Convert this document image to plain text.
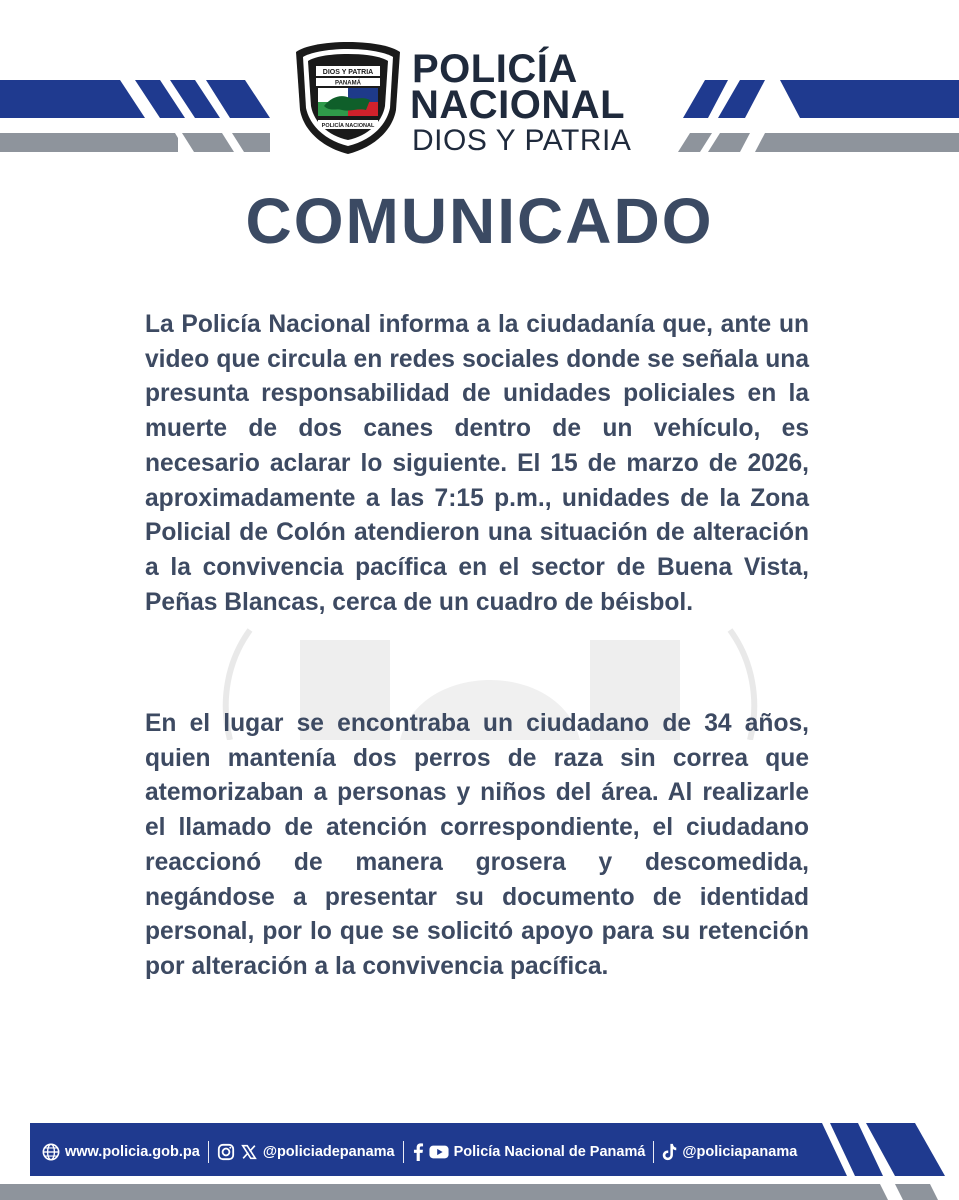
DIOS Y PATRIA
PANAMÁ
POLICÍA NACIONAL
POLICÍA
NACIONAL
DIOS Y PATRIA
COMUNICADO

La Policía Nacional informa a la ciudadanía que, ante un video que circula en redes sociales donde se señala una presunta responsabilidad de unidades policiales en la muerte de dos canes dentro de un vehículo, es necesario aclarar lo siguiente. El 15 de marzo de 2026, aproximadamente a las 7:15 p.m., unidades de la Zona Policial de Colón atendieron una situación de alteración a la convivencia pacífica en el sector de Buena Vista, Peñas Blancas, cerca de un cuadro de béisbol.

En el lugar se encontraba un ciudadano de 34 años, quien mantenía dos perros de raza sin correa que atemorizaban a personas y niños del área. Al realizarle el llamado de atención correspondiente, el ciudadano reaccionó de manera grosera y descomedida, negándose a presentar su documento de identidad personal, por lo que se solicitó apoyo para su retención por alteración a la convivencia pacífica.

www.policia.gob.pa	@policiadepanama	Policía Nacional de Panamá	@policiapanama
